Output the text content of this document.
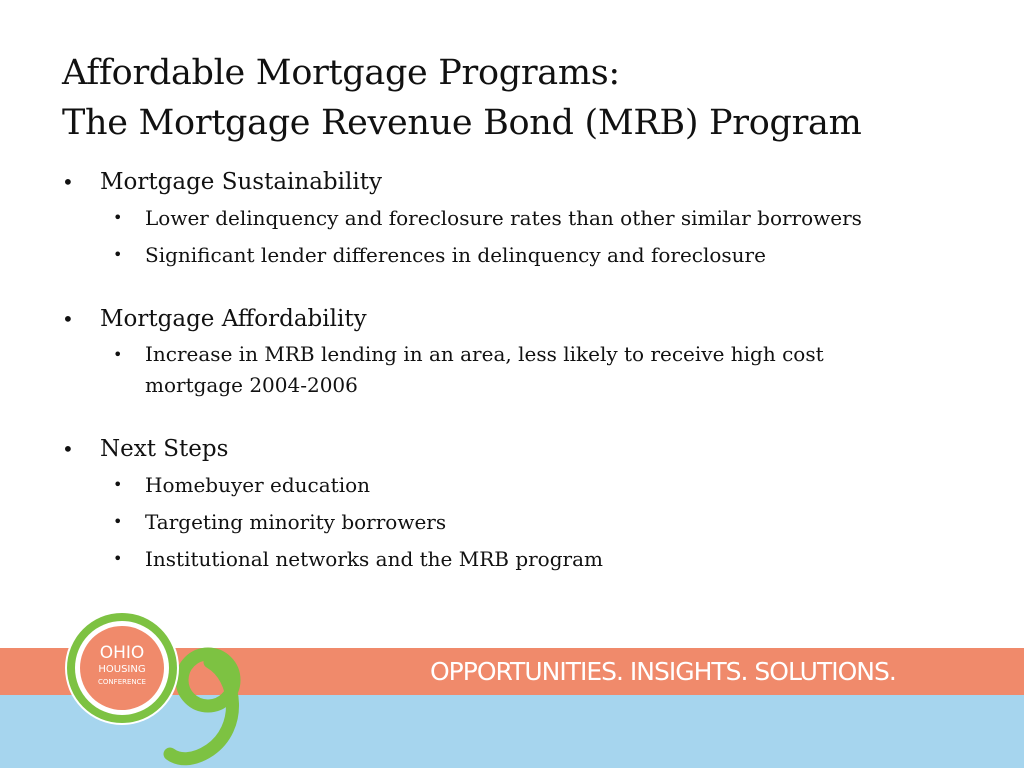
Affordable Mortgage Programs:
The Mortgage Revenue Bond (MRB) Program
• Mortgage Sustainability
• Lower delinquency and foreclosure rates than other similar borrowers
• Significant lender differences in delinquency and foreclosure
• Mortgage Affordability
• Increase in MRB lending in an area, less likely to receive high cost mortgage 2004-2006
• Next Steps
• Homebuyer education
• Targeting minority borrowers
• Institutional networks and the MRB program
OPPORTUNITIES. INSIGHTS. SOLUTIONS.
OHIO
HOUSING
CONFERENCE
